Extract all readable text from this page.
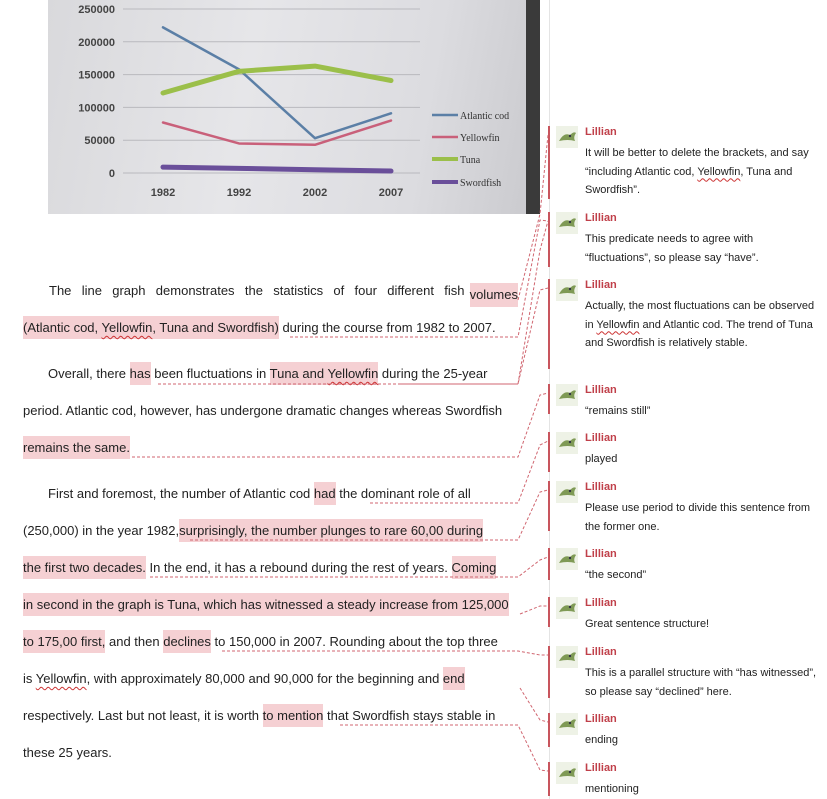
250000
200000
150000
100000
50000
0
1982	1992	2002	2007
Atlantic cod
Yellowfin
Tuna
Swordfish
The line graph demonstrates the statistics of four different fish volumes
(Atlantic cod, Yellowfin, Tuna and Swordfish) during the course from 1982 to 2007.
Overall, there has been fluctuations in Tuna and Yellowfin during the 25-year
period. Atlantic cod, however, has undergone dramatic changes whereas Swordfish
remains the same.
First and foremost, the number of Atlantic cod had the dominant role of all
(250,000) in the year 1982,surprisingly, the number plunges to rare 60,00 during
the first two decades. In the end, it has a rebound during the rest of years. Coming
in second in the graph is Tuna, which has witnessed a steady increase from 125,000
to 175,00 first, and then declines to 150,000 in 2007. Rounding about the top three
is Yellowfin, with approximately 80,000 and 90,000 for the beginning and end
respectively. Last but not least, it is worth to mention that Swordfish stays stable in
these 25 years.
Lillian
It will be better to delete the brackets, and say “including Atlantic cod, Yellowfin, Tuna and Swordfish”.
Lillian
This predicate needs to agree with “fluctuations”, so please say “have”.
Lillian
Actually, the most fluctuations can be observed in Yellowfin and Atlantic cod. The trend of Tuna and Swordfish is relatively stable.
Lillian
“remains still”
Lillian
played
Lillian
Please use period to divide this sentence from the former one.
Lillian
“the second”
Lillian
Great sentence structure!
Lillian
This is a parallel structure with “has witnessed”, so please say “declined” here.
Lillian
ending
Lillian
mentioning
